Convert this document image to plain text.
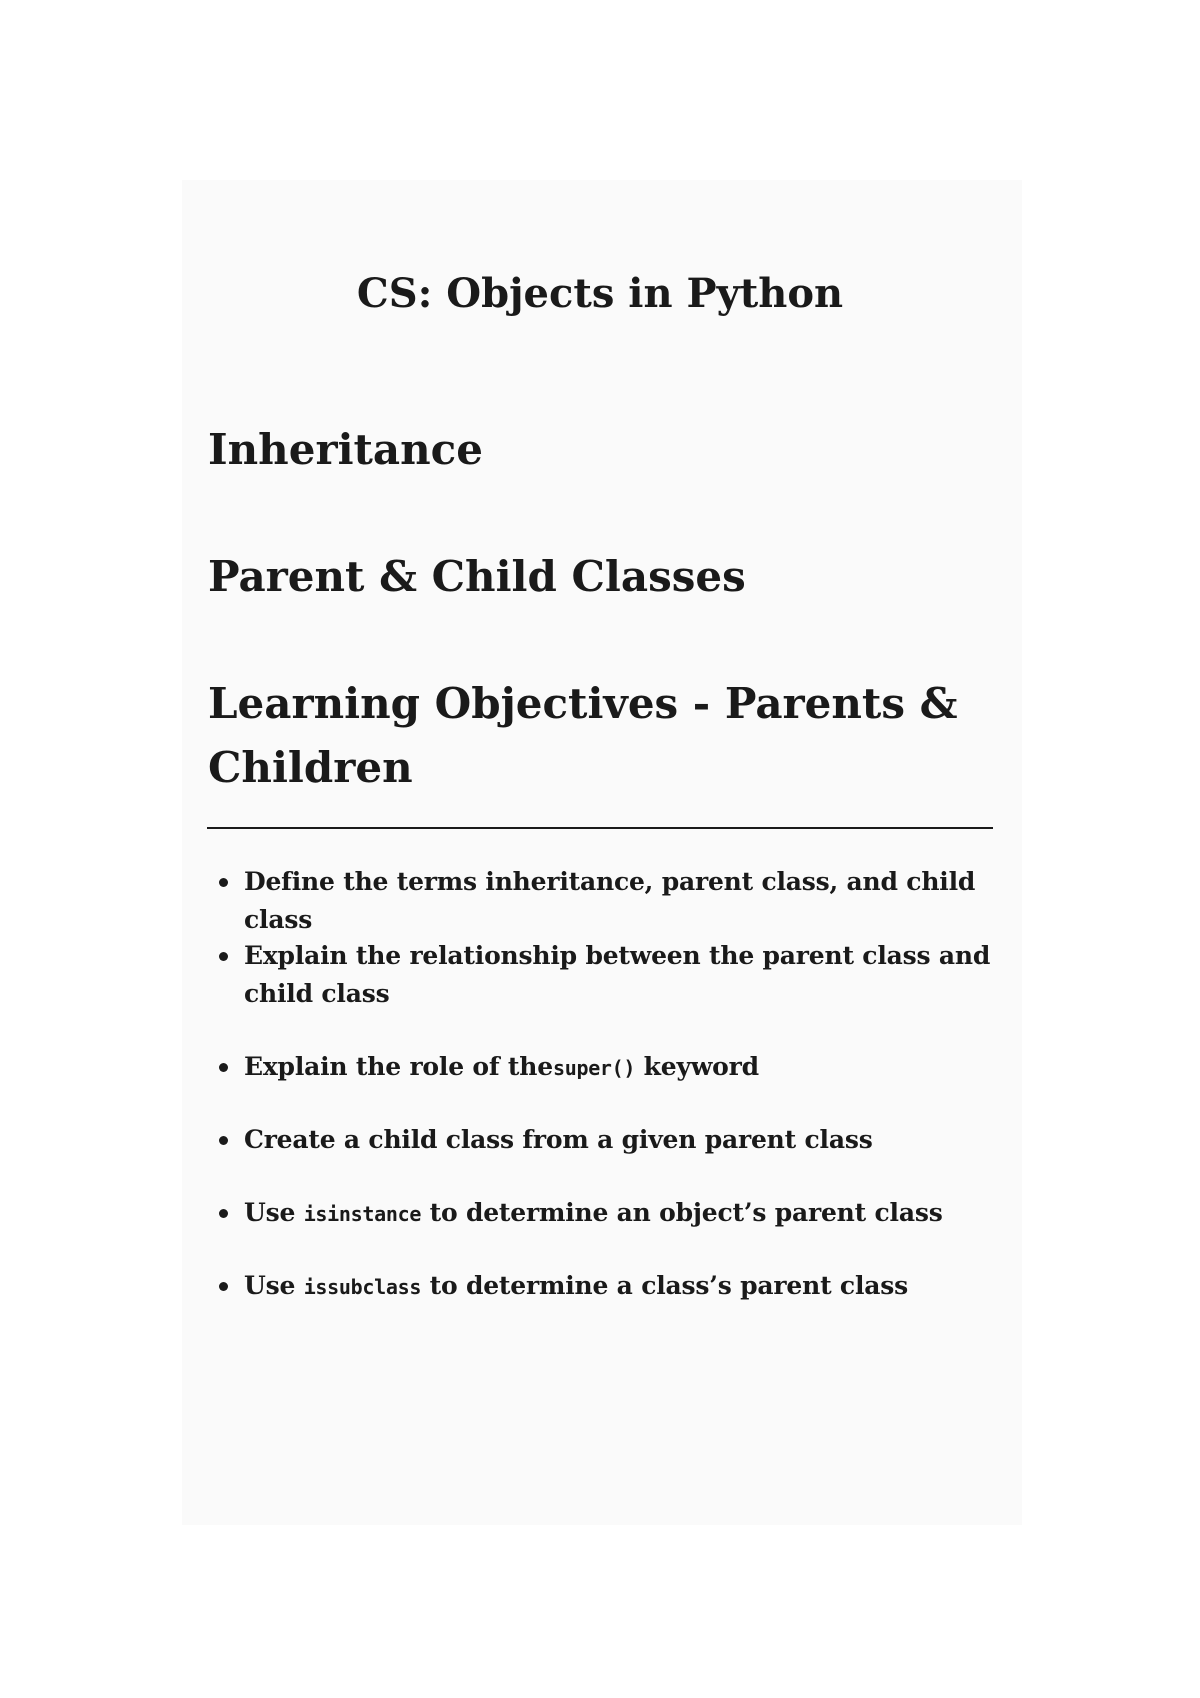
CS: Objects in Python
Inheritance
Parent & Child Classes
Learning Objectives - Parents & Children
Define the terms inheritance, parent class, and child class
Explain the relationship between the parent class and child class
Explain the role of thesuper() keyword
Create a child class from a given parent class
Use isinstance to determine an object’s parent class
Use issubclass to determine a class’s parent class
